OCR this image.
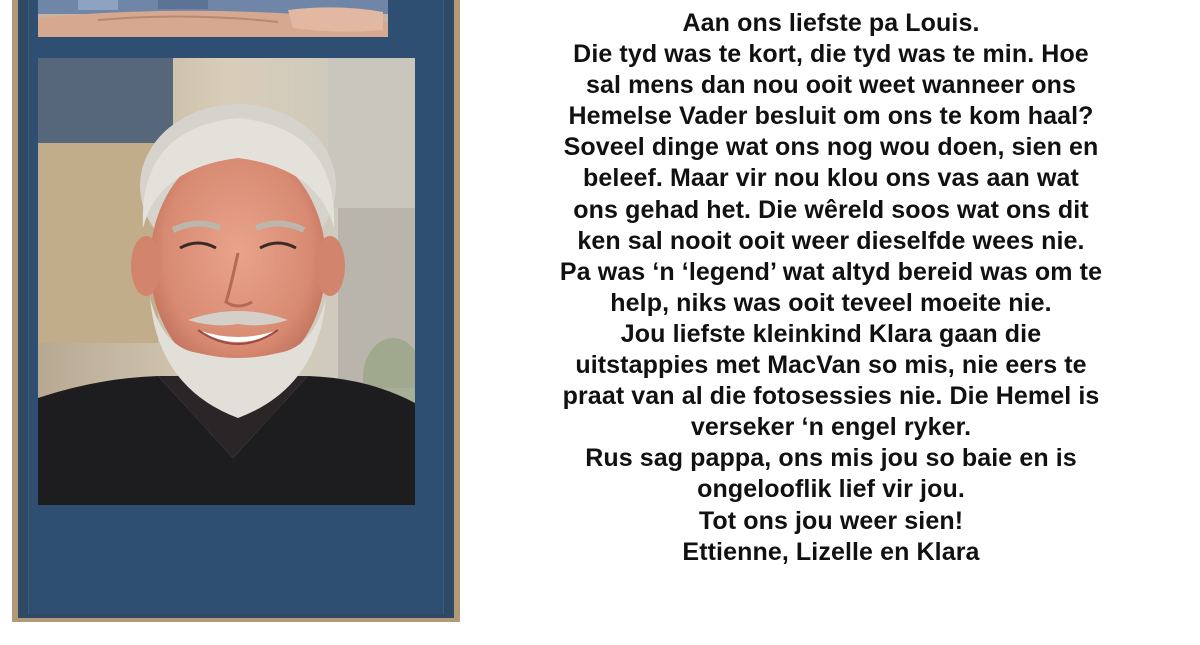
Aan ons liefste pa Louis.
Die tyd was te kort, die tyd was te min. Hoe
sal mens dan nou ooit weet wanneer ons
Hemelse Vader besluit om ons te kom haal?
Soveel dinge wat ons nog wou doen, sien en
beleef. Maar vir nou klou ons vas aan wat
ons gehad het. Die wêreld soos wat ons dit
ken sal nooit ooit weer dieselfde wees nie.
Pa was ‘n ‘legend’ wat altyd bereid was om te
help, niks was ooit teveel moeite nie.
Jou liefste kleinkind Klara gaan die
uitstappies met MacVan so mis, nie eers te
praat van al die fotosessies nie. Die Hemel is
verseker ‘n engel ryker.
Rus sag pappa, ons mis jou so baie en is
ongelooflik lief vir jou.
Tot ons jou weer sien!
Ettienne, Lizelle en Klara
